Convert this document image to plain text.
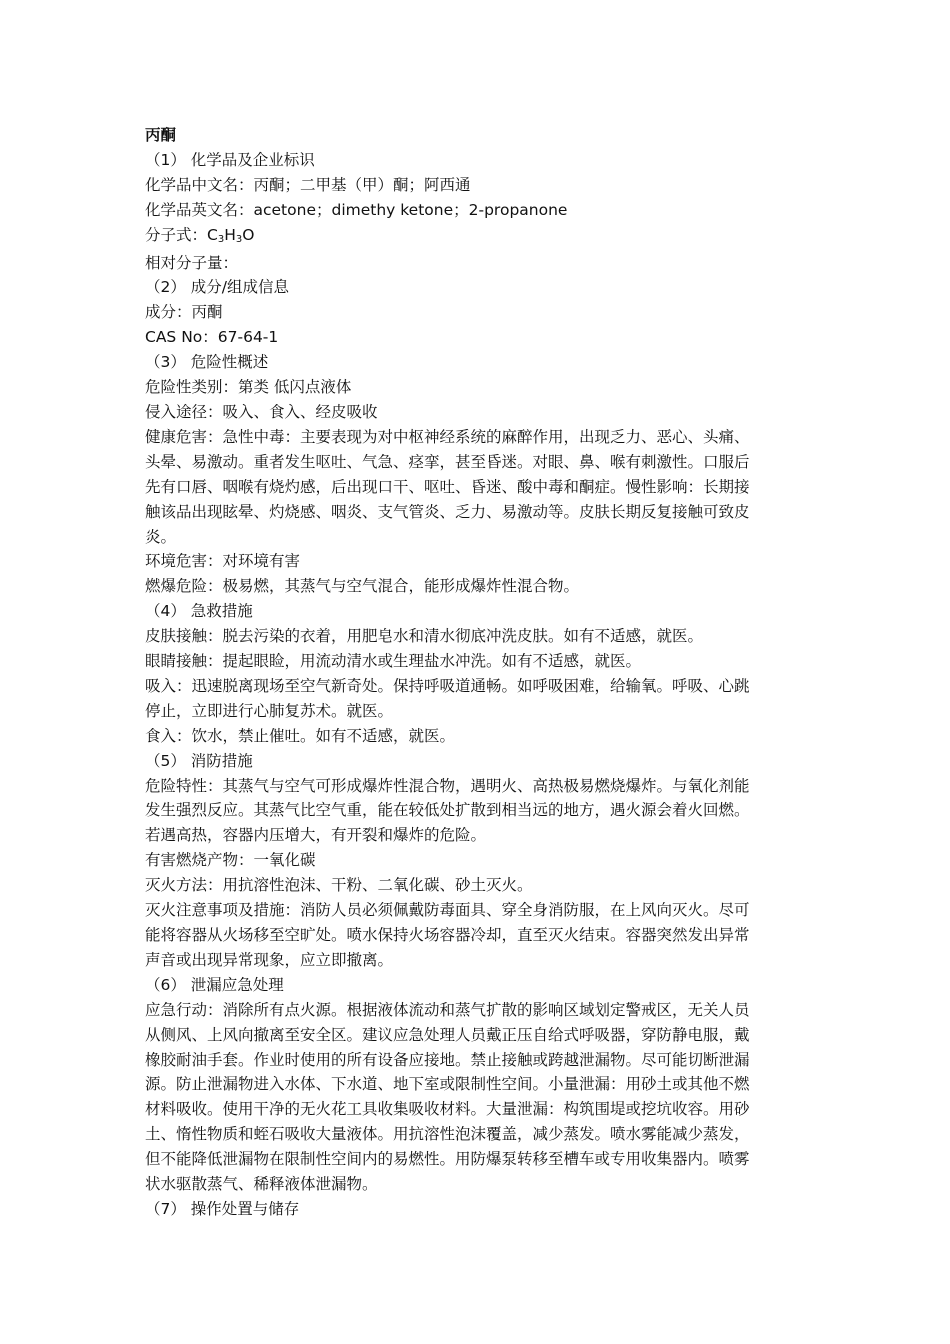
丙酮
（1） 化学品及企业标识
化学品中文名：丙酮；二甲基（甲）酮；阿西通
化学品英文名：acetone；dimethy ketone；2-propanone
分子式：C3H3O
相对分子量：
（2） 成分/组成信息
成分：丙酮
CAS No：67-64-1
（3） 危险性概述
危险性类别：第类 低闪点液体
侵入途径：吸入、食入、经皮吸收
健康危害：急性中毒：主要表现为对中枢神经系统的麻醉作用，出现乏力、恶心、头痛、
头晕、易激动。重者发生呕吐、气急、痉挛，甚至昏迷。对眼、鼻、喉有刺激性。口服后
先有口唇、咽喉有烧灼感，后出现口干、呕吐、昏迷、酸中毒和酮症。慢性影响：长期接
触该品出现眩晕、灼烧感、咽炎、支气管炎、乏力、易激动等。皮肤长期反复接触可致皮
炎。
环境危害：对环境有害
燃爆危险：极易燃，其蒸气与空气混合，能形成爆炸性混合物。
（4） 急救措施
皮肤接触：脱去污染的衣着，用肥皂水和清水彻底冲洗皮肤。如有不适感，就医。
眼睛接触：提起眼睑，用流动清水或生理盐水冲洗。如有不适感，就医。
吸入：迅速脱离现场至空气新奇处。保持呼吸道通畅。如呼吸困难，给输氧。呼吸、心跳
停止，立即进行心肺复苏术。就医。
食入：饮水，禁止催吐。如有不适感，就医。
（5） 消防措施
危险特性：其蒸气与空气可形成爆炸性混合物，遇明火、高热极易燃烧爆炸。与氧化剂能
发生强烈反应。其蒸气比空气重，能在较低处扩散到相当远的地方，遇火源会着火回燃。
若遇高热，容器内压增大，有开裂和爆炸的危险。
有害燃烧产物：一氧化碳
灭火方法：用抗溶性泡沫、干粉、二氧化碳、砂土灭火。
灭火注意事项及措施：消防人员必须佩戴防毒面具、穿全身消防服，在上风向灭火。尽可
能将容器从火场移至空旷处。喷水保持火场容器冷却，直至灭火结束。容器突然发出异常
声音或出现异常现象，应立即撤离。
（6） 泄漏应急处理
应急行动：消除所有点火源。根据液体流动和蒸气扩散的影响区域划定警戒区，无关人员
从侧风、上风向撤离至安全区。建议应急处理人员戴正压自给式呼吸器，穿防静电服，戴
橡胶耐油手套。作业时使用的所有设备应接地。禁止接触或跨越泄漏物。尽可能切断泄漏
源。防止泄漏物进入水体、下水道、地下室或限制性空间。小量泄漏：用砂土或其他不燃
材料吸收。使用干净的无火花工具收集吸收材料。大量泄漏：构筑围堤或挖坑收容。用砂
土、惰性物质和蛭石吸收大量液体。用抗溶性泡沫覆盖，减少蒸发。喷水雾能减少蒸发，
但不能降低泄漏物在限制性空间内的易燃性。用防爆泵转移至槽车或专用收集器内。喷雾
状水驱散蒸气、稀释液体泄漏物。
（7） 操作处置与储存
